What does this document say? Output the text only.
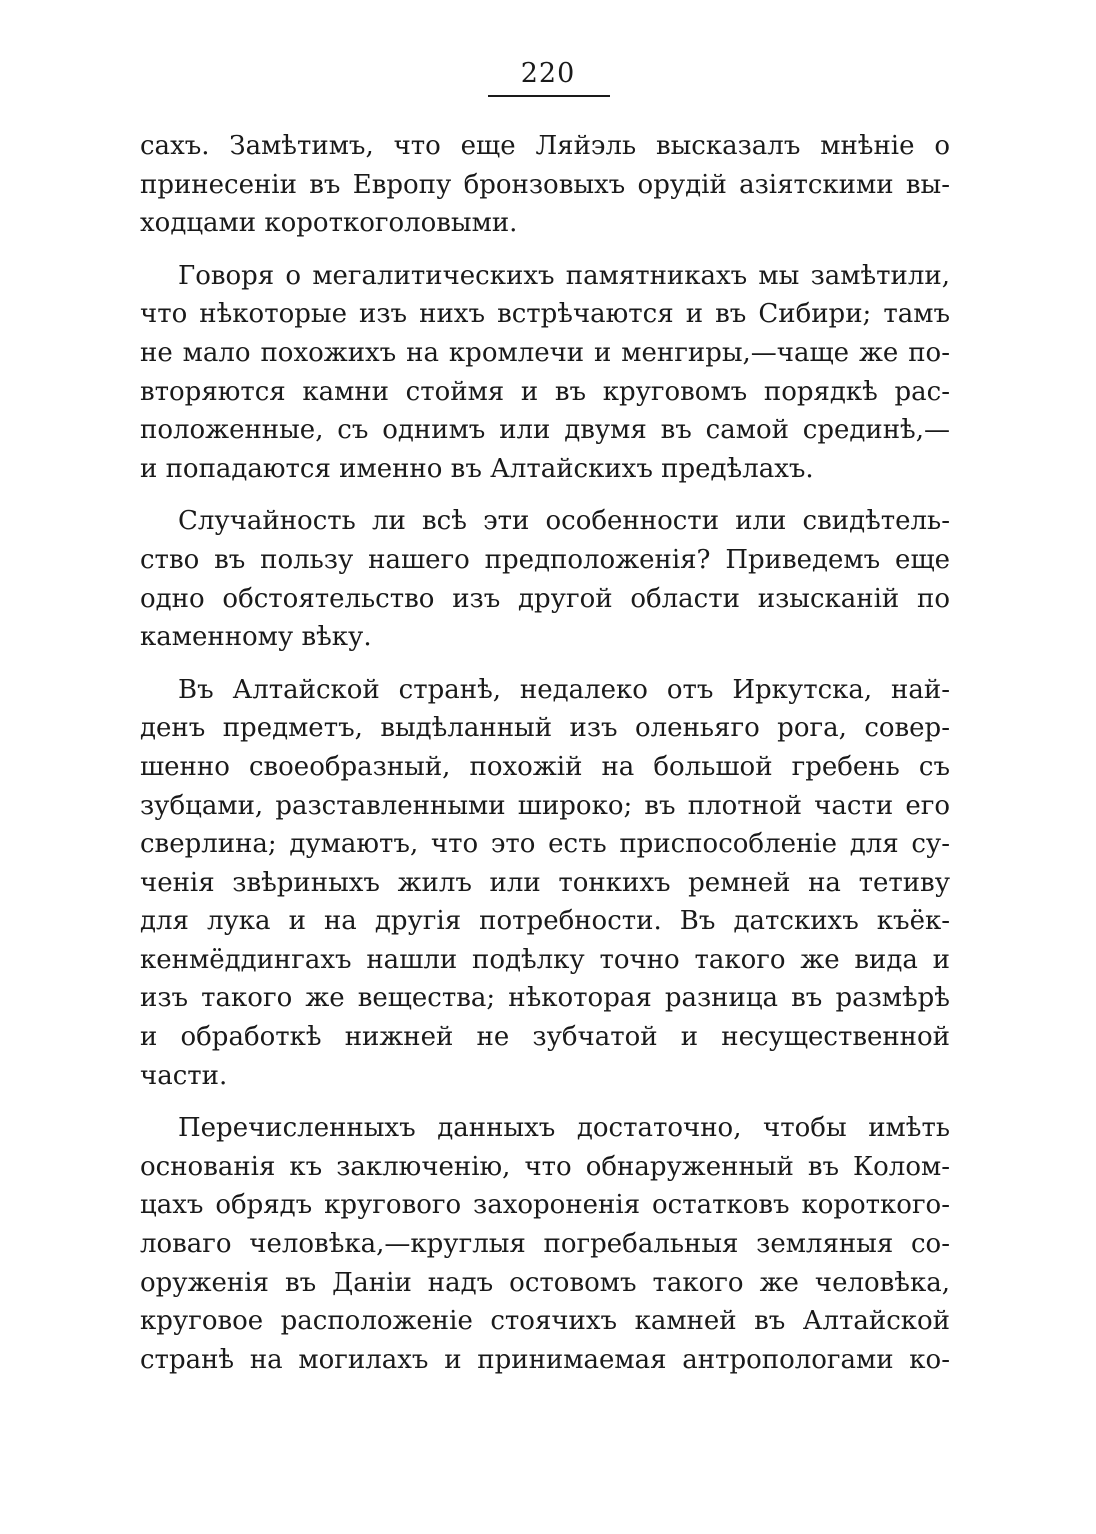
220
сахъ. Замѣтимъ, что еще Ляйэль высказалъ мнѣніе о
принесеніи въ Европу бронзовыхъ орудій азіятскими вы-
ходцами короткоголовыми.
Говоря о мегалитическихъ памятникахъ мы замѣтили,
что нѣкоторые изъ нихъ встрѣчаются и въ Сибири; тамъ
не мало похожихъ на кромлечи и менгиры,—чаще же по-
вторяются камни стоймя и въ круговомъ порядкѣ рас-
положенные, съ однимъ или двумя въ самой срединѣ,—
и попадаются именно въ Алтайскихъ предѣлахъ.
Случайность ли всѣ эти особенности или свидѣтель-
ство въ пользу нашего предположенія? Приведемъ еще
одно обстоятельство изъ другой области изысканій по
каменному вѣку.
Въ Алтайской странѣ, недалеко отъ Иркутска, най-
денъ предметъ, выдѣланный изъ оленьяго рога, совер-
шенно своеобразный, похожій на большой гребень съ
зубцами, разставленными широко; въ плотной части его
сверлина; думаютъ, что это есть приспособленіе для су-
ченія звѣриныхъ жилъ или тонкихъ ремней на тетиву
для лука и на другія потребности. Въ датскихъ къёк-
кенмёддингахъ нашли подѣлку точно такого же вида и
изъ такого же вещества; нѣкоторая разница въ размѣрѣ
и обработкѣ нижней не зубчатой и несущественной
части.
Перечисленныхъ данныхъ достаточно, чтобы имѣть
основанія къ заключенію, что обнаруженный въ Колом-
цахъ обрядъ кругового захороненія остатковъ короткого-
ловаго человѣка,—круглыя погребальныя земляныя со-
оруженія въ Даніи надъ остовомъ такого же человѣка,
круговое расположеніе стоячихъ камней въ Алтайской
странѣ на могилахъ и принимаемая антропологами ко-
